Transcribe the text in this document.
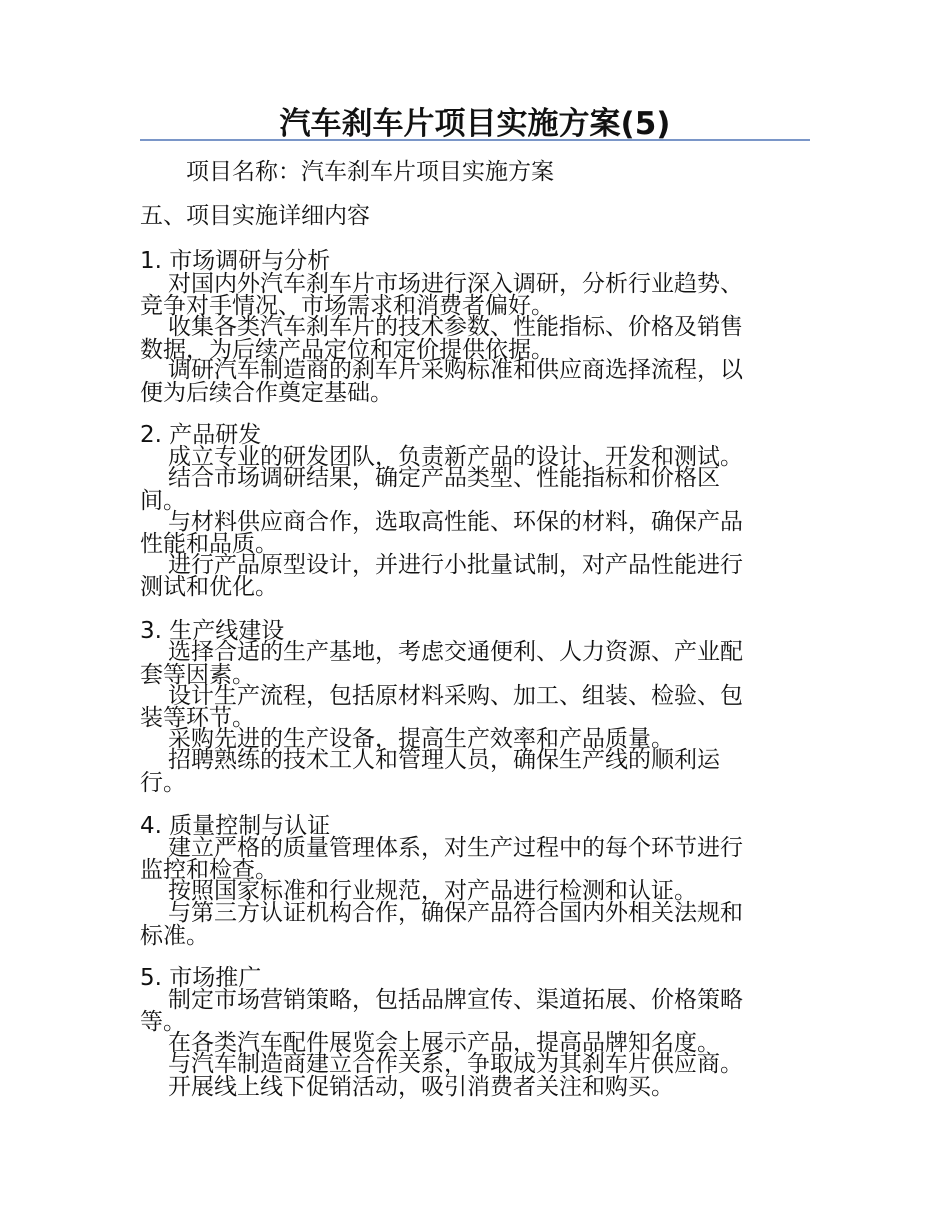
汽车刹车片项目实施方案(5)

项目名称：汽车刹车片项目实施方案

五、项目实施详细内容

1. 市场调研与分析

对国内外汽车刹车片市场进行深入调研，分析行业趋势、

竞争对手情况、市场需求和消费者偏好。

收集各类汽车刹车片的技术参数、性能指标、价格及销售

数据，为后续产品定位和定价提供依据。

调研汽车制造商的刹车片采购标准和供应商选择流程，以

便为后续合作奠定基础。

2. 产品研发

成立专业的研发团队，负责新产品的设计、开发和测试。

结合市场调研结果，确定产品类型、性能指标和价格区

间。

与材料供应商合作，选取高性能、环保的材料，确保产品

性能和品质。

进行产品原型设计，并进行小批量试制，对产品性能进行

测试和优化。

3. 生产线建设

选择合适的生产基地，考虑交通便利、人力资源、产业配

套等因素。

设计生产流程，包括原材料采购、加工、组装、检验、包

装等环节。

采购先进的生产设备，提高生产效率和产品质量。

招聘熟练的技术工人和管理人员，确保生产线的顺利运

行。

4. 质量控制与认证

建立严格的质量管理体系，对生产过程中的每个环节进行

监控和检查。

按照国家标准和行业规范，对产品进行检测和认证。

与第三方认证机构合作，确保产品符合国内外相关法规和

标准。

5. 市场推广

制定市场营销策略，包括品牌宣传、渠道拓展、价格策略

等。

在各类汽车配件展览会上展示产品，提高品牌知名度。

与汽车制造商建立合作关系，争取成为其刹车片供应商。

开展线上线下促销活动，吸引消费者关注和购买。
